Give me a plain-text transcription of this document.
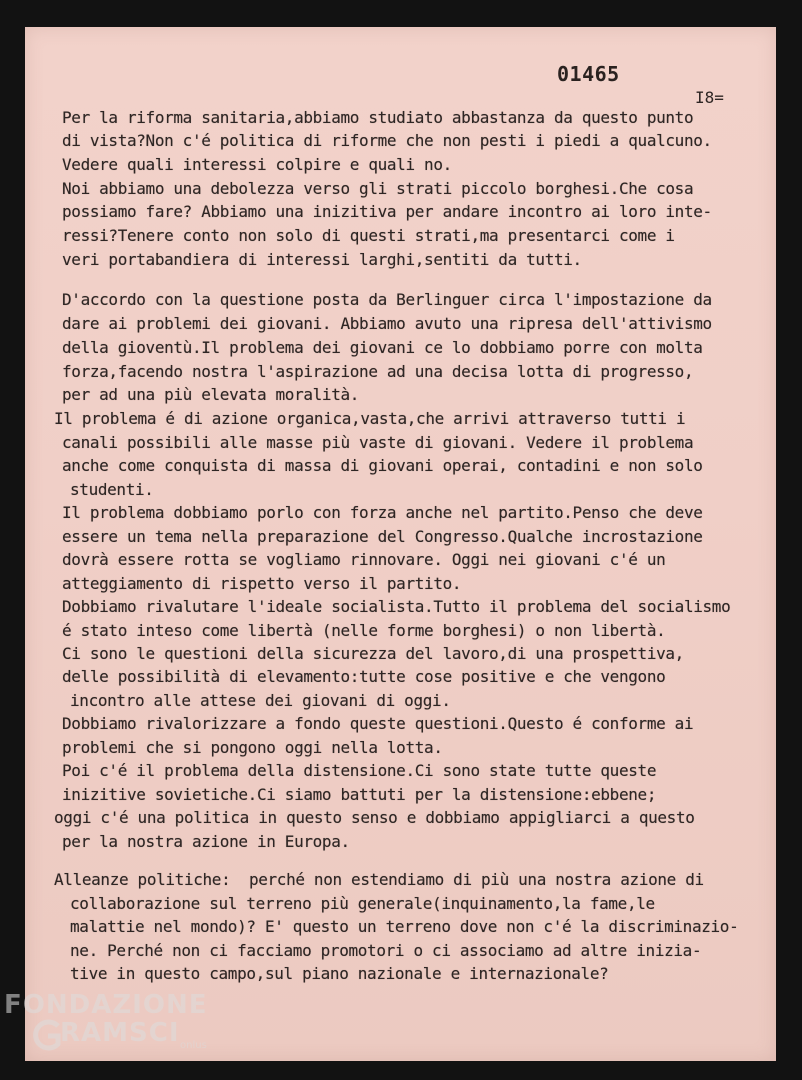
01465

I8=

Per la riforma sanitaria,abbiamo studiato abbastanza da questo punto

di vista?Non c'é politica di riforme che non pesti i piedi a qualcuno.

Vedere quali interessi colpire e quali no.

Noi abbiamo una debolezza verso gli strati piccolo borghesi.Che cosa

possiamo fare? Abbiamo una inizitiva per andare incontro ai loro inte-

ressi?Tenere conto non solo di questi strati,ma presentarci come i

veri portabandiera di interessi larghi,sentiti da tutti.

D'accordo con la questione posta da Berlinguer circa l'impostazione da

dare ai problemi dei giovani. Abbiamo avuto una ripresa dell'attivismo

della gioventù.Il problema dei giovani ce lo dobbiamo porre con molta

forza,facendo nostra l'aspirazione ad una decisa lotta di progresso,

per ad una più elevata moralità.

Il problema é di azione organica,vasta,che arrivi attraverso tutti i

canali possibili alle masse più vaste di giovani. Vedere il problema

anche come conquista di massa di giovani operai, contadini e non solo

studenti.

Il problema dobbiamo porlo con forza anche nel partito.Penso che deve

essere un tema nella preparazione del Congresso.Qualche incrostazione

dovrà essere rotta se vogliamo rinnovare. Oggi nei giovani c'é un

atteggiamento di rispetto verso il partito.

Dobbiamo rivalutare l'ideale socialista.Tutto il problema del socialismo

é stato inteso come libertà (nelle forme borghesi) o non libertà.

Ci sono le questioni della sicurezza del lavoro,di una prospettiva,

delle possibilità di elevamento:tutte cose positive e che vengono

incontro alle attese dei giovani di oggi.

Dobbiamo rivalorizzare a fondo queste questioni.Questo é conforme ai

problemi che si pongono oggi nella lotta.

Poi c'é il problema della distensione.Ci sono state tutte queste

inizitive sovietiche.Ci siamo battuti per la distensione:ebbene;

oggi c'é una politica in questo senso e dobbiamo appigliarci a questo

per la nostra azione in Europa.

Alleanze politiche:  perché non estendiamo di più una nostra azione di

collaborazione sul terreno più generale(inquinamento,la fame,le

malattie nel mondo)? E' questo un terreno dove non c'é la discriminazio-

ne. Perché non ci facciamo promotori o ci associamo ad altre inizia-

tive in questo campo,sul piano nazionale e internazionale?

FONDAZIONE

RAMSCI onlus
